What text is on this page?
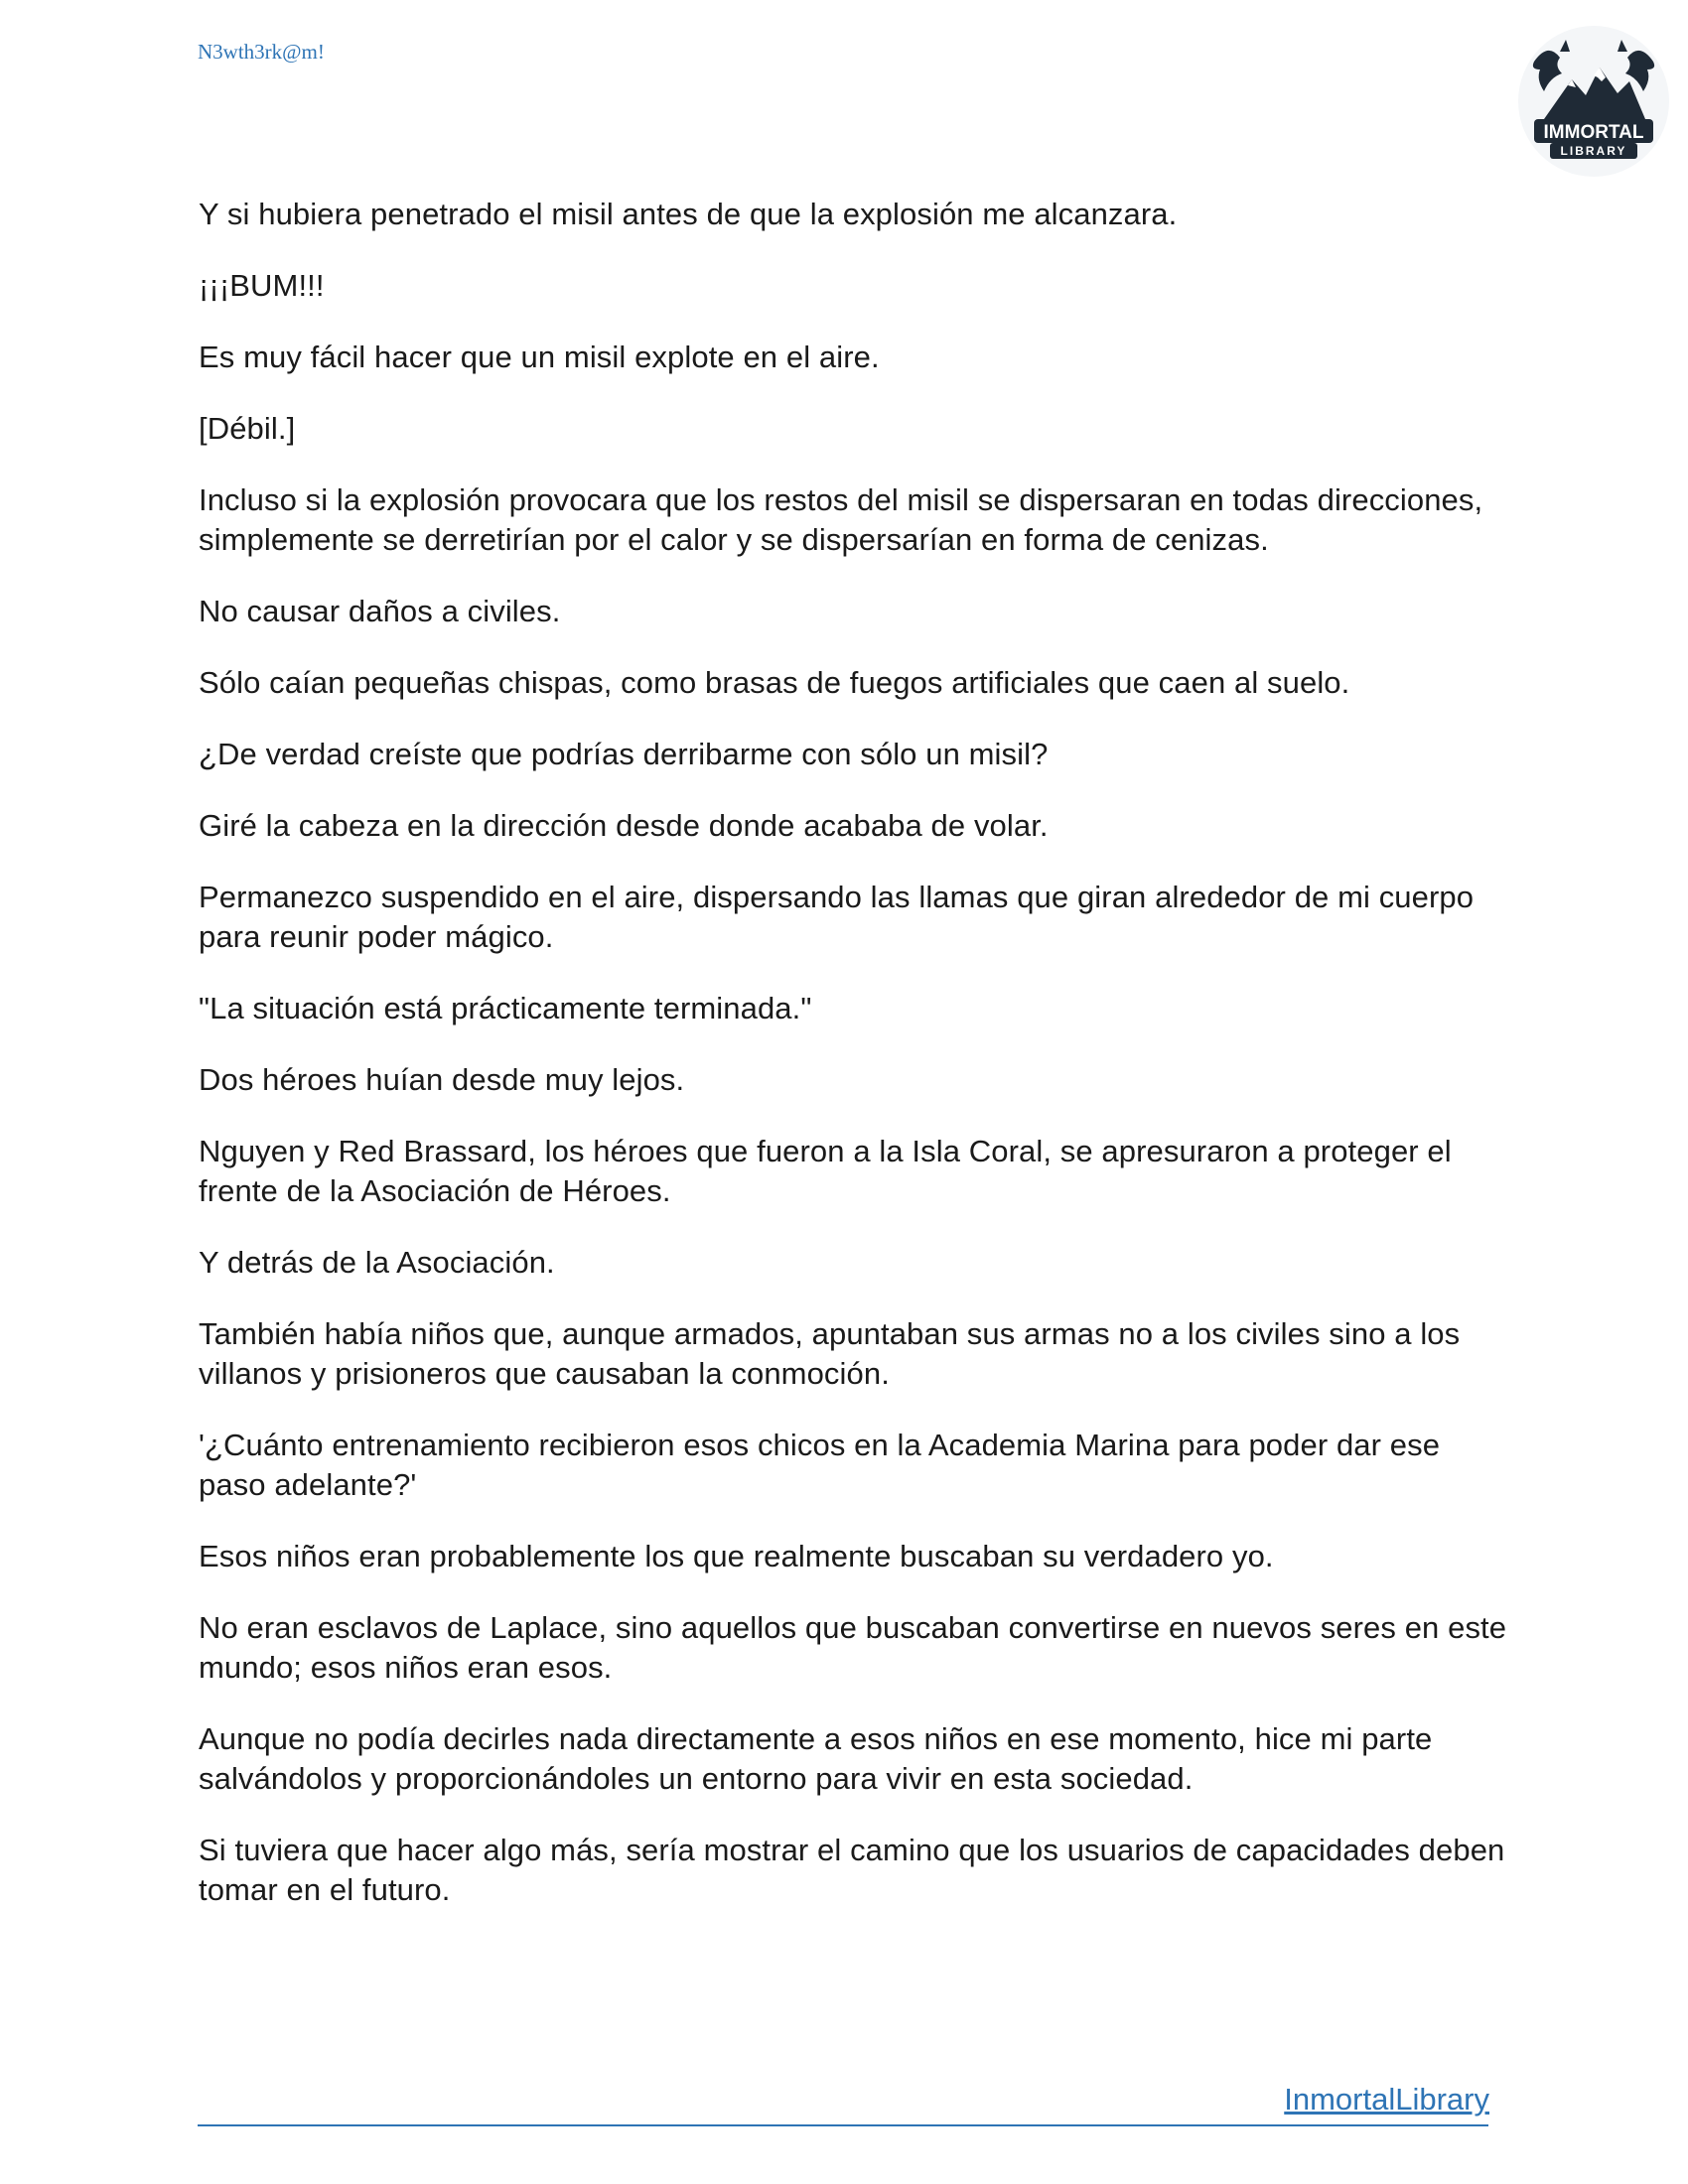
N3wth3rk@m!
IMMORTAL
LIBRARY

Y si hubiera penetrado el misil antes de que la explosión me alcanzara.

¡¡¡BUM!!!

Es muy fácil hacer que un misil explote en el aire.

[Débil.]

Incluso si la explosión provocara que los restos del misil se dispersaran en todas direcciones, simplemente se derretirían por el calor y se dispersarían en forma de cenizas.

No causar daños a civiles.

Sólo caían pequeñas chispas, como brasas de fuegos artificiales que caen al suelo.

¿De verdad creíste que podrías derribarme con sólo un misil?

Giré la cabeza en la dirección desde donde acababa de volar.

Permanezco suspendido en el aire, dispersando las llamas que giran alrededor de mi cuerpo para reunir poder mágico.

"La situación está prácticamente terminada."

Dos héroes huían desde muy lejos.

Nguyen y Red Brassard, los héroes que fueron a la Isla Coral, se apresuraron a proteger el frente de la Asociación de Héroes.

Y detrás de la Asociación.

También había niños que, aunque armados, apuntaban sus armas no a los civiles sino a los villanos y prisioneros que causaban la conmoción.

'¿Cuánto entrenamiento recibieron esos chicos en la Academia Marina para poder dar ese paso adelante?'

Esos niños eran probablemente los que realmente buscaban su verdadero yo.

No eran esclavos de Laplace, sino aquellos que buscaban convertirse en nuevos seres en este mundo; esos niños eran esos.

Aunque no podía decirles nada directamente a esos niños en ese momento, hice mi parte salvándolos y proporcionándoles un entorno para vivir en esta sociedad.

Si tuviera que hacer algo más, sería mostrar el camino que los usuarios de capacidades deben tomar en el futuro.

InmortalLibrary
